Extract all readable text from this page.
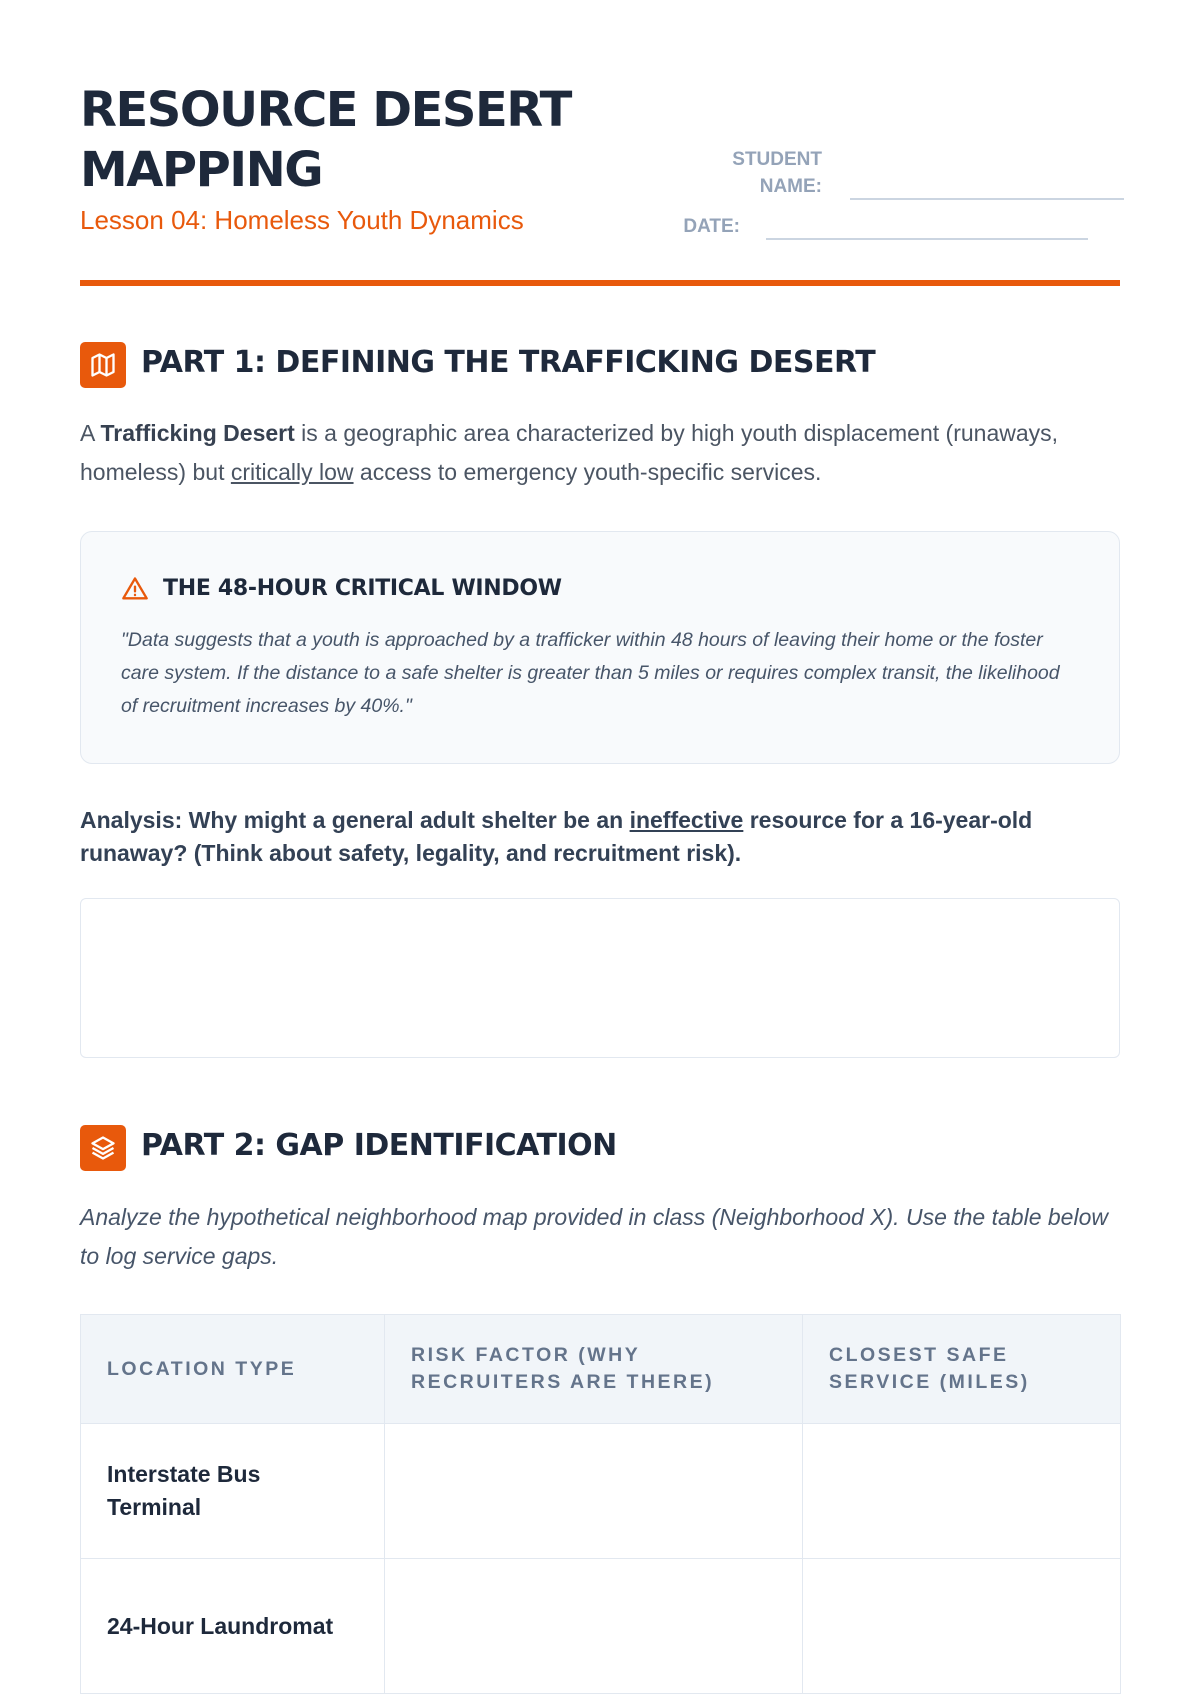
RESOURCE DESERT MAPPING
Lesson 04: Homeless Youth Dynamics
STUDENT
NAME:
DATE:
PART 1: DEFINING THE TRAFFICKING DESERT
A Trafficking Desert is a geographic area characterized by high youth displacement (runaways, homeless) but critically low access to emergency youth-specific services.
THE 48-HOUR CRITICAL WINDOW
"Data suggests that a youth is approached by a trafficker within 48 hours of leaving their home or the foster care system. If the distance to a safe shelter is greater than 5 miles or requires complex transit, the likelihood of recruitment increases by 40%."
Analysis: Why might a general adult shelter be an ineffective resource for a 16-year-old runaway? (Think about safety, legality, and recruitment risk).
PART 2: GAP IDENTIFICATION
Analyze the hypothetical neighborhood map provided in class (Neighborhood X). Use the table below to log service gaps.
LOCATION TYPE	RISK FACTOR (WHY RECRUITERS ARE THERE)	CLOSEST SAFE SERVICE (MILES)
Interstate Bus Terminal		
24-Hour Laundromat		
